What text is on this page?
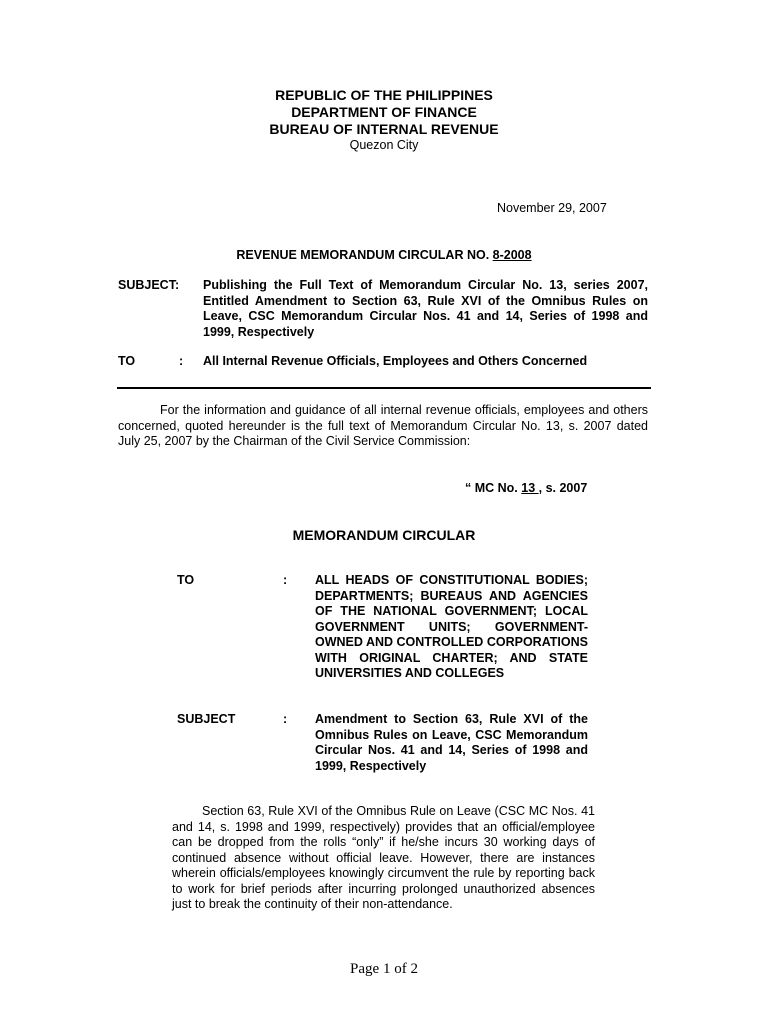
REPUBLIC OF THE PHILIPPINES
DEPARTMENT OF FINANCE
BUREAU OF INTERNAL REVENUE
Quezon City
November 29, 2007
REVENUE MEMORANDUM CIRCULAR NO. 8-2008
SUBJECT: Publishing the Full Text of Memorandum Circular No. 13, series 2007, Entitled Amendment to Section 63, Rule XVI of the Omnibus Rules on Leave, CSC Memorandum Circular Nos. 41 and 14, Series of 1998 and 1999, Respectively
TO	: All Internal Revenue Officials, Employees and Others Concerned
For the information and guidance of all internal revenue officials, employees and others concerned, quoted hereunder is the full text of Memorandum Circular No. 13, s. 2007 dated July 25, 2007 by the Chairman of the Civil Service Commission:
“ MC No. 13 , s. 2007
MEMORANDUM CIRCULAR
TO	: ALL HEADS OF CONSTITUTIONAL BODIES; DEPARTMENTS; BUREAUS AND AGENCIES OF THE NATIONAL GOVERNMENT; LOCAL GOVERNMENT UNITS; GOVERNMENT-OWNED AND CONTROLLED CORPORATIONS WITH ORIGINAL CHARTER; AND STATE UNIVERSITIES AND COLLEGES
SUBJECT	: Amendment to Section 63, Rule XVI of the Omnibus Rules on Leave, CSC Memorandum Circular Nos. 41 and 14, Series of 1998 and 1999, Respectively
Section 63, Rule XVI of the Omnibus Rule on Leave (CSC MC Nos. 41 and 14, s. 1998 and 1999, respectively) provides that an official/employee can be dropped from the rolls “only” if he/she incurs 30 working days of continued absence without official leave. However, there are instances wherein officials/employees knowingly circumvent the rule by reporting back to work for brief periods after incurring prolonged unauthorized absences just to break the continuity of their non-attendance.
Page 1 of 2
